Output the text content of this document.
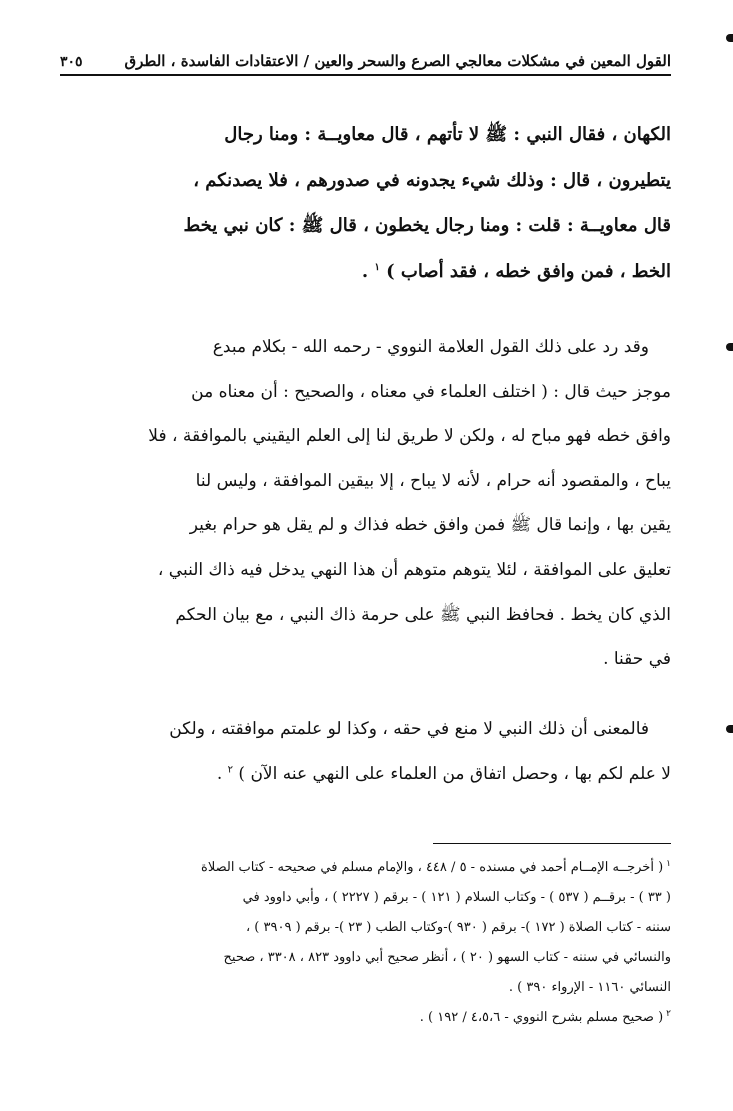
القول المعين في مشكلات معالجي الصرع والسحر والعين / الاعتقادات الفاسدة ، الطرق
٣٠٥
الكهان ، فقال النبي : ﷺ لا تأتهم ، قال معاويــة : ومنا رجال
يتطيرون ، قال : وذلك شيء يجدونه في صدورهم ، فلا يصدنكم ،
قال معاويــة : قلت : ومنا رجال يخطون ، قال ﷺ : كان نبي يخط
الخط ، فمن وافق خطه ، فقد أصاب ) $^١$ .
وقد رد على ذلك القول العلامة النووي - رحمه الله - بكلام مبدع
موجز حيث قال : ( اختلف العلماء في معناه ، والصحيح : أن معناه من
وافق خطه فهو مباح له ، ولكن لا طريق لنا إلى العلم اليقيني بالموافقة ، فلا
يباح ، والمقصود أنه حرام ، لأنه لا يباح ، إلا بيقين الموافقة ، وليس لنا
يقين بها ، وإنما قال ﷺ فمن وافق خطه فذاك و لم يقل هو حرام بغير
تعليق على الموافقة ، لئلا يتوهم متوهم أن هذا النهي يدخل فيه ذاك النبي ،
الذي كان يخط . فحافظ النبي ﷺ على حرمة ذاك النبي ، مع بيان الحكم
في حقنا .
فالمعنى أن ذلك النبي لا منع في حقه ، وكذا لو علمتم موافقته ، ولكن
لا علم لكم بها ، وحصل اتفاق من العلماء على النهي عنه الآن ) $^٢$ .
$^١$( أخرجــه الإمــام أحمد في مسنده - ٥ / ٤٤٨ ، والإمام مسلم في صحيحه - كتاب الصلاة
( ٣٣ ) - برقــم ( ٥٣٧ ) - وكتاب السلام ( ١٢١ ) - برقم ( ٢٢٢٧ ) ، وأبي داوود في
سننه - كتاب الصلاة ( ١٧٢ )- برقم ( ٩٣٠ )-وكتاب الطب ( ٢٣ )- برقم ( ٣٩٠٩ ) ،
والنسائي في سننه - كتاب السهو ( ٢٠ ) ، أنظر صحيح أبي داوود ٨٢٣ ، ٣٣٠٨ ، صحيح
النسائي ١١٦٠ - الإرواء ٣٩٠ ) .
$^٢$( صحيح مسلم بشرح النووي - ٤،٥،٦ / ١٩٢ ) .
